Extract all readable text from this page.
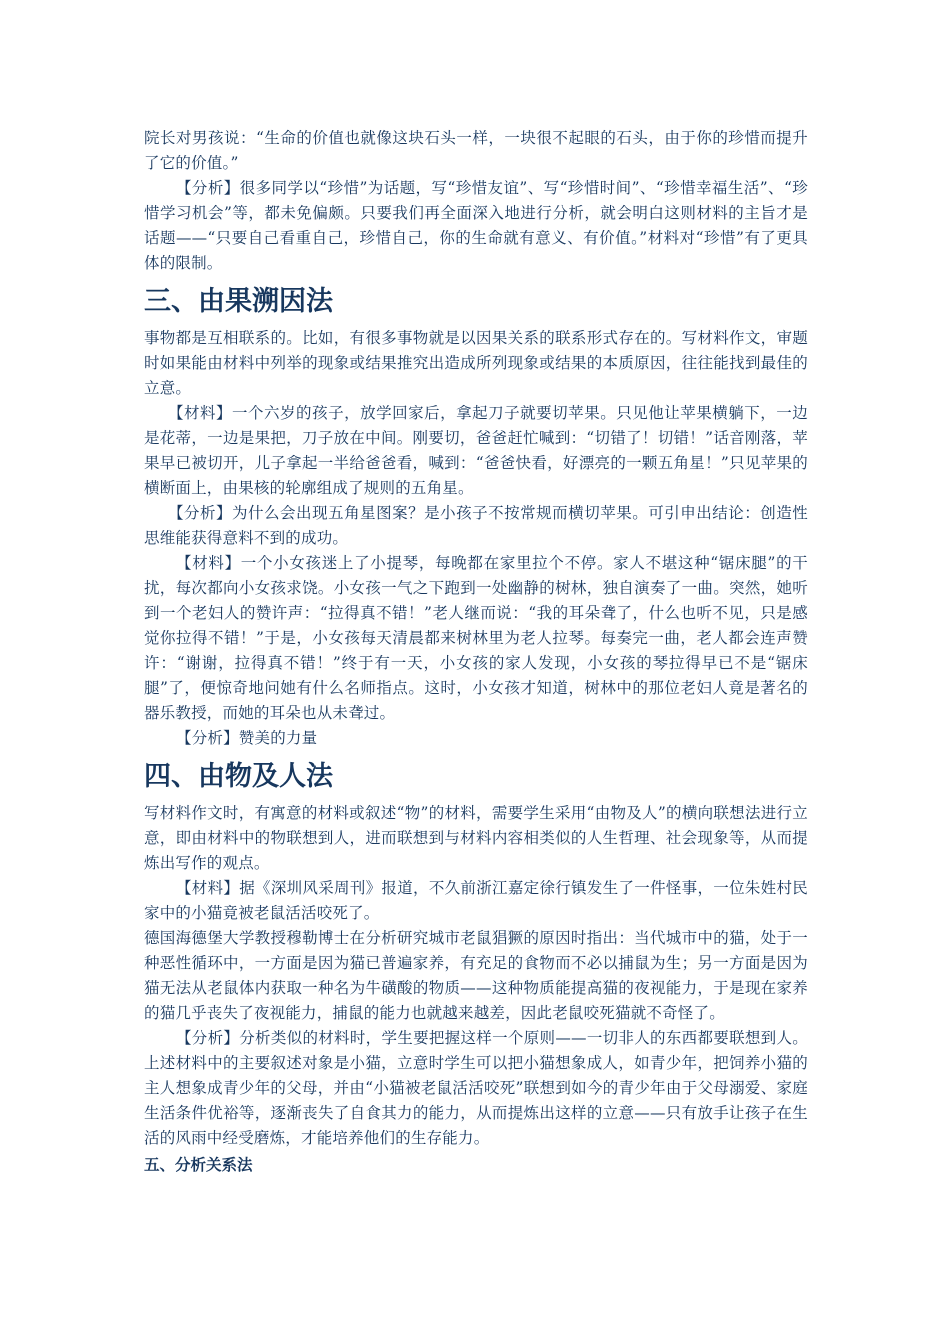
院长对男孩说：“生命的价值也就像这块石头一样，一块很不起眼的石头，由于你的珍惜而提升了它的价值。”

【分析】很多同学以“珍惜”为话题，写“珍惜友谊”、写“珍惜时间”、“珍惜幸福生活”、“珍惜学习机会”等，都未免偏颇。只要我们再全面深入地进行分析，就会明白这则材料的主旨才是话题——“只要自己看重自己，珍惜自己，你的生命就有意义、有价值。”材料对“珍惜”有了更具体的限制。

三、由果溯因法

事物都是互相联系的。比如，有很多事物就是以因果关系的联系形式存在的。写材料作文，审题时如果能由材料中列举的现象或结果推究出造成所列现象或结果的本质原因，往往能找到最佳的立意。

【材料】一个六岁的孩子，放学回家后，拿起刀子就要切苹果。只见他让苹果横躺下，一边是花蒂，一边是果把，刀子放在中间。刚要切，爸爸赶忙喊到：“切错了！切错！”话音刚落，苹果早已被切开，儿子拿起一半给爸爸看，喊到：“爸爸快看，好漂亮的一颗五角星！”只见苹果的横断面上，由果核的轮廓组成了规则的五角星。

【分析】为什么会出现五角星图案？是小孩子不按常规而横切苹果。可引申出结论：创造性思维能获得意料不到的成功。

【材料】一个小女孩迷上了小提琴，每晚都在家里拉个不停。家人不堪这种“锯床腿”的干扰，每次都向小女孩求饶。小女孩一气之下跑到一处幽静的树林，独自演奏了一曲。突然，她听到一个老妇人的赞许声：“拉得真不错！”老人继而说：“我的耳朵聋了，什么也听不见，只是感觉你拉得不错！”于是，小女孩每天清晨都来树林里为老人拉琴。每奏完一曲，老人都会连声赞许：“谢谢，拉得真不错！”终于有一天，小女孩的家人发现，小女孩的琴拉得早已不是“锯床腿”了，便惊奇地问她有什么名师指点。这时，小女孩才知道，树林中的那位老妇人竟是著名的器乐教授，而她的耳朵也从未聋过。

【分析】赞美的力量

四、由物及人法

写材料作文时，有寓意的材料或叙述“物”的材料，需要学生采用“由物及人”的横向联想法进行立意，即由材料中的物联想到人，进而联想到与材料内容相类似的人生哲理、社会现象等，从而提炼出写作的观点。

【材料】据《深圳风采周刊》报道，不久前浙江嘉定徐行镇发生了一件怪事，一位朱姓村民家中的小猫竟被老鼠活活咬死了。

德国海德堡大学教授穆勒博士在分析研究城市老鼠猖獗的原因时指出：当代城市中的猫，处于一种恶性循环中，一方面是因为猫已普遍家养，有充足的食物而不必以捕鼠为生；另一方面是因为猫无法从老鼠体内获取一种名为牛磺酸的物质——这种物质能提高猫的夜视能力，于是现在家养的猫几乎丧失了夜视能力，捕鼠的能力也就越来越差，因此老鼠咬死猫就不奇怪了。

【分析】分析类似的材料时，学生要把握这样一个原则——一切非人的东西都要联想到人。上述材料中的主要叙述对象是小猫，立意时学生可以把小猫想象成人，如青少年，把饲养小猫的主人想象成青少年的父母，并由“小猫被老鼠活活咬死”联想到如今的青少年由于父母溺爱、家庭生活条件优裕等，逐渐丧失了自食其力的能力，从而提炼出这样的立意——只有放手让孩子在生活的风雨中经受磨炼，才能培养他们的生存能力。

五、分析关系法
